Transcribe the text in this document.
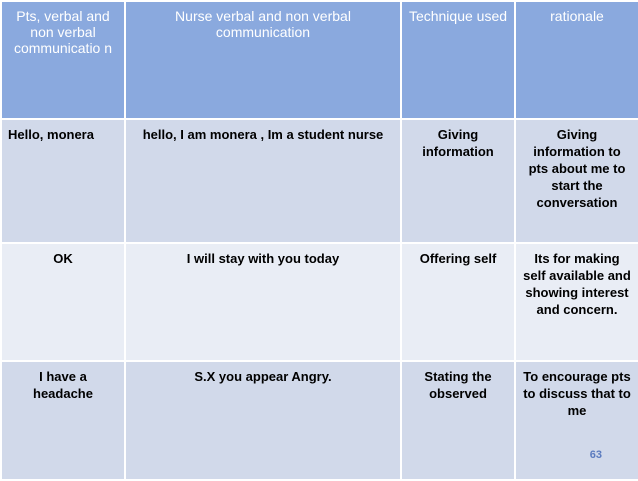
Pts, verbal and non verbal communicatio n	Nurse verbal and non verbal communication	Technique used	rationale
Hello, monera	hello, I am monera , Im a student nurse	Giving information	Giving information to pts about me to start the conversation
OK	I will stay with you today	Offering self	Its for making self available and showing interest and concern.
I have a headache	S.X you appear Angry.	Stating the observed	To encourage pts to discuss that to me
63
